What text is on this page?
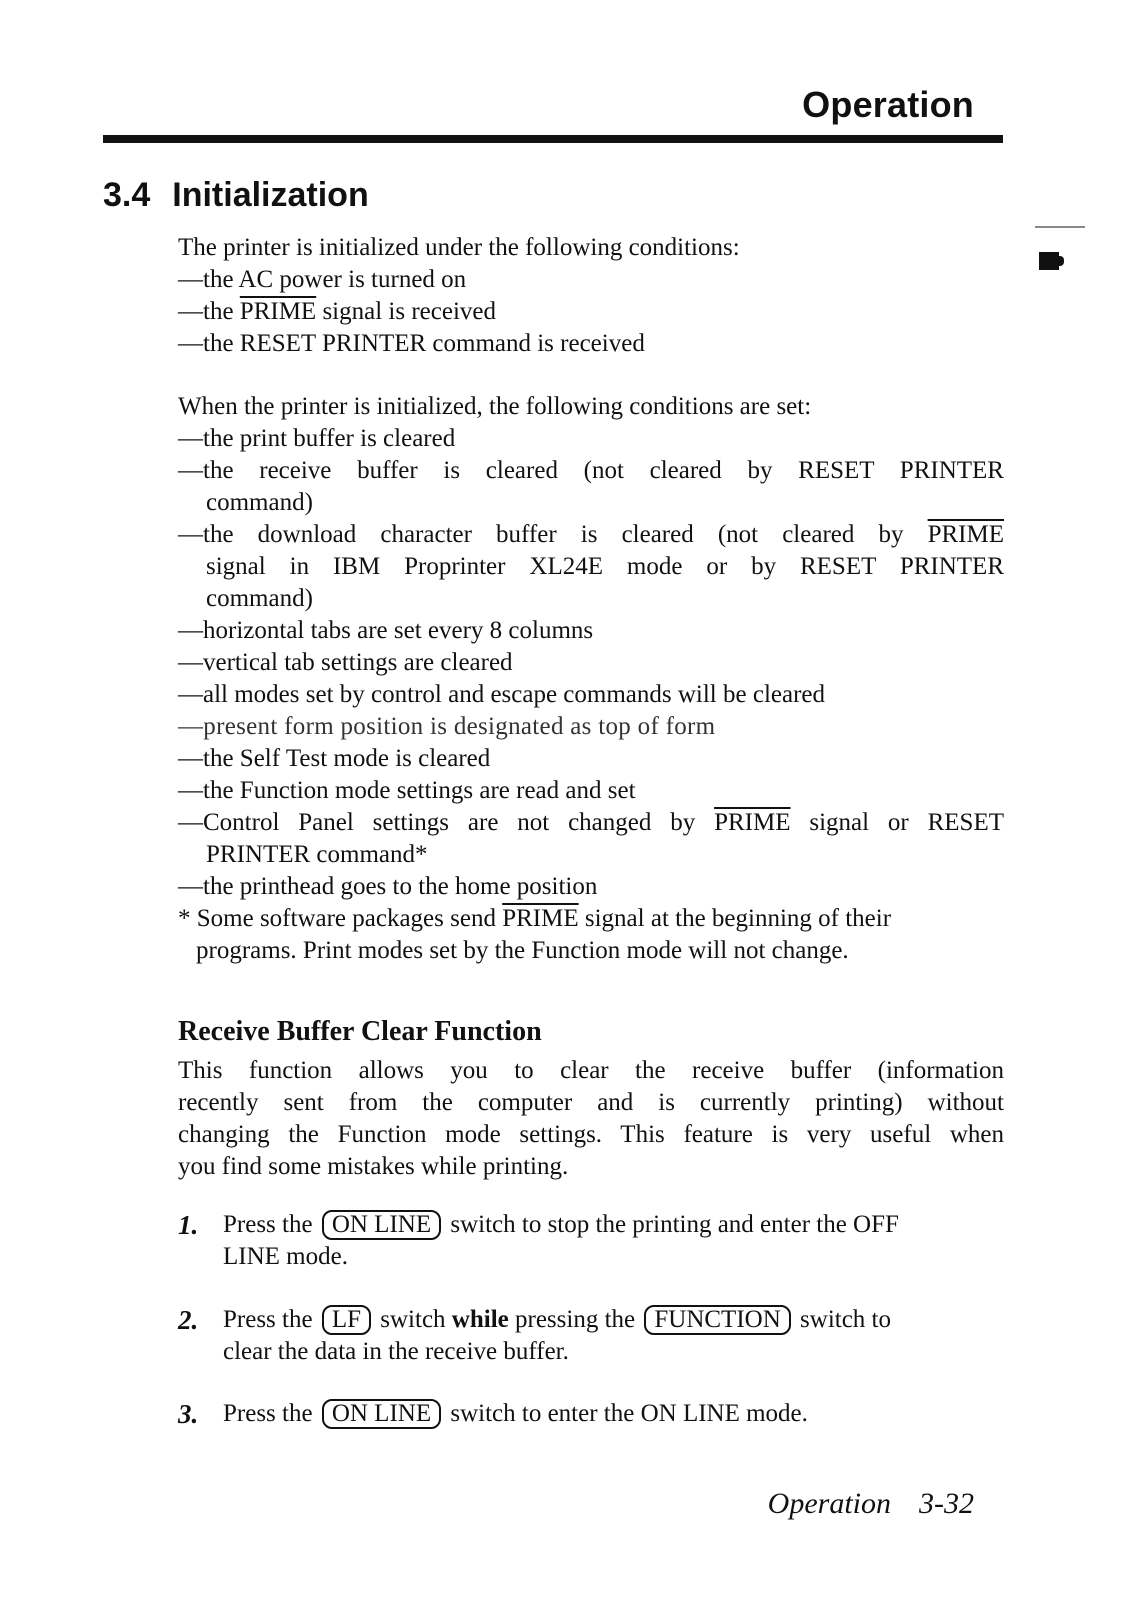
Operation
3.4 Initialization
The printer is initialized under the following conditions:
—the AC power is turned on
—the PRIME signal is received
—the RESET PRINTER command is received
When the printer is initialized, the following conditions are set:
—the print buffer is cleared
—the receive buffer is cleared (not cleared by RESET PRINTER
command)
—the download character buffer is cleared (not cleared by PRIME
signal in IBM Proprinter XL24E mode or by RESET PRINTER
command)
—horizontal tabs are set every 8 columns
—vertical tab settings are cleared
—all modes set by control and escape commands will be cleared
—present form position is designated as top of form
—the Self Test mode is cleared
—the Function mode settings are read and set
—Control Panel settings are not changed by PRIME signal or RESET
PRINTER command*
—the printhead goes to the home position
* Some software packages send PRIME signal at the beginning of their
programs. Print modes set by the Function mode will not change.
Receive Buffer Clear Function
This function allows you to clear the receive buffer (information
recently sent from the computer and is currently printing) without
changing the Function mode settings. This feature is very useful when
you find some mistakes while printing.
1. Press the ON LINE switch to stop the printing and enter the OFF
LINE mode.
2. Press the LF switch while pressing the FUNCTION switch to
clear the data in the receive buffer.
3. Press the ON LINE switch to enter the ON LINE mode.
Operation 3-32
